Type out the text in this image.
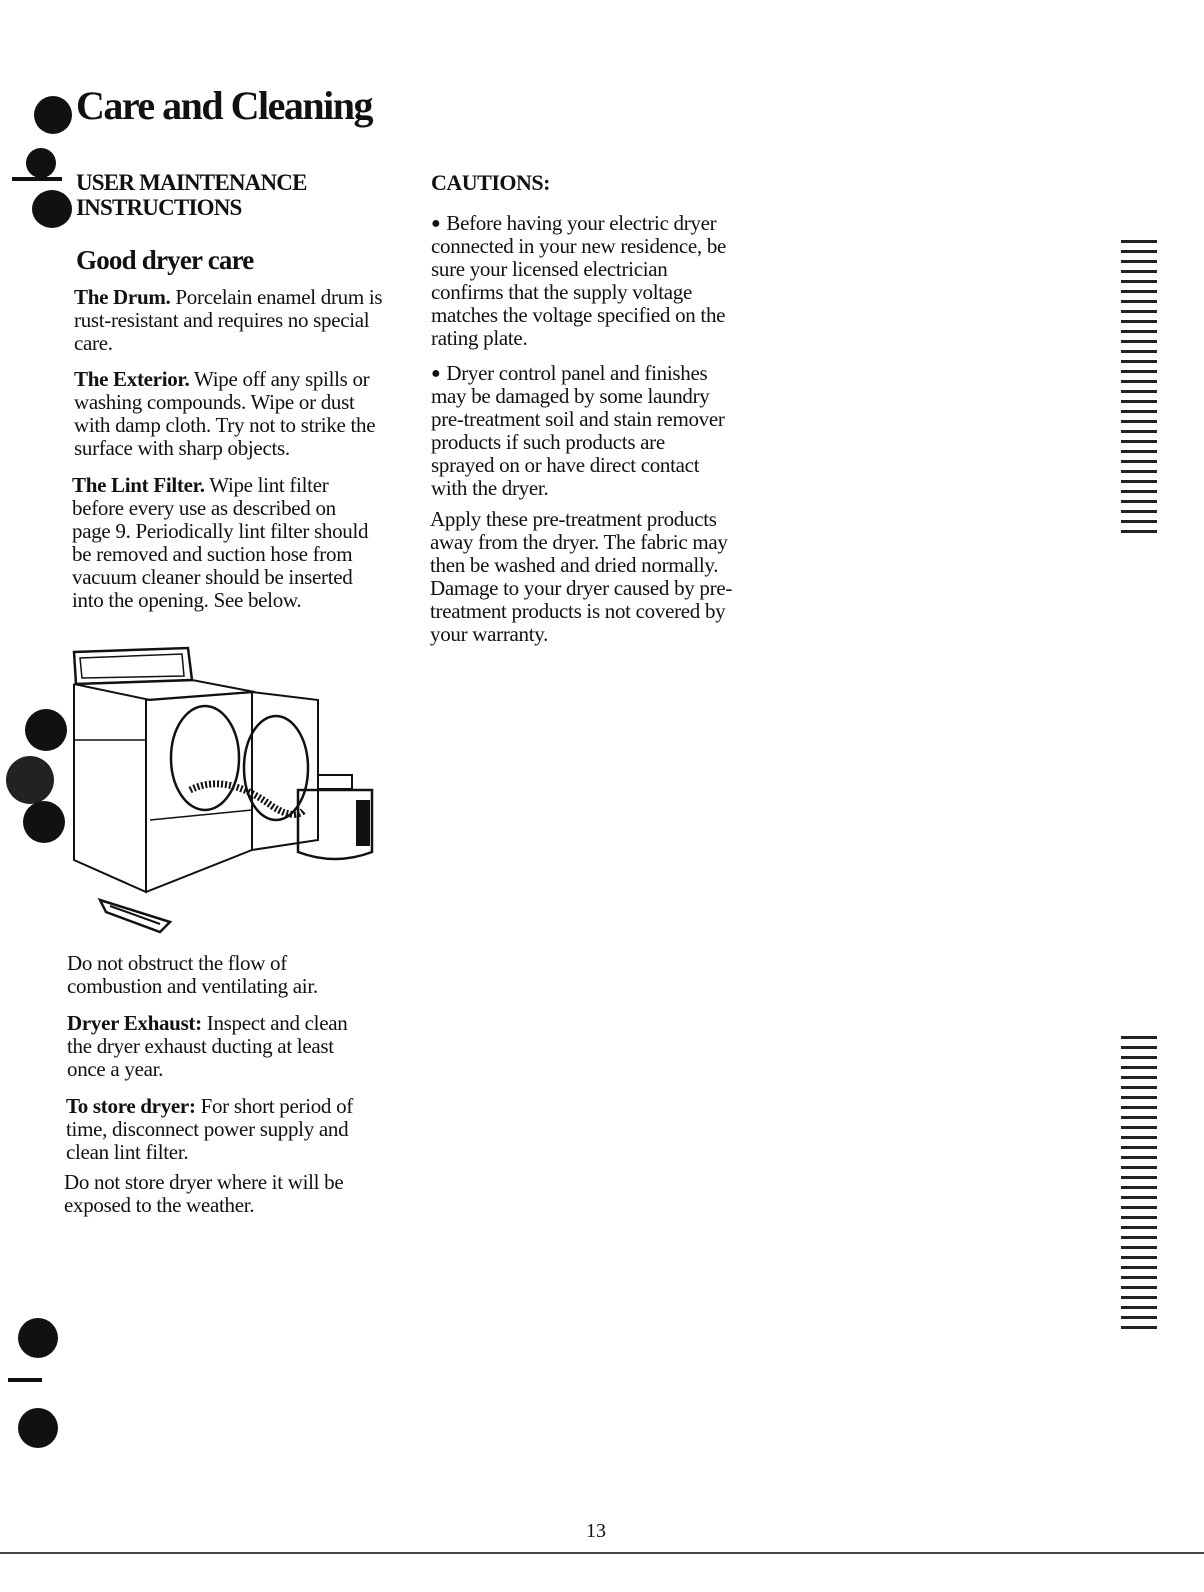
Care and Cleaning
USER MAINTENANCE
INSTRUCTIONS
Good dryer care

The Drum. Porcelain enamel drum is rust-resistant and requires no special care.

The Exterior. Wipe off any spills or washing compounds. Wipe or dust with damp cloth. Try not to strike the surface with sharp objects.

The Lint Filter. Wipe lint filter before every use as described on page 9. Periodically lint filter should be removed and suction hose from vacuum cleaner should be inserted into the opening. See below.

Do not obstruct the flow of combustion and ventilating air.

Dryer Exhaust: Inspect and clean the dryer exhaust ducting at least once a year.

To store dryer: For short period of time, disconnect power supply and clean lint filter.

Do not store dryer where it will be exposed to the weather.

CAUTIONS:

● Before having your electric dryer connected in your new residence, be sure your licensed electrician confirms that the supply voltage matches the voltage specified on the rating plate.

● Dryer control panel and finishes may be damaged by some laundry pre-treatment soil and stain remover products if such products are sprayed on or have direct contact with the dryer.

Apply these pre-treatment products away from the dryer. The fabric may then be washed and dried normally. Damage to your dryer caused by pre-treatment products is not covered by your warranty.

13
